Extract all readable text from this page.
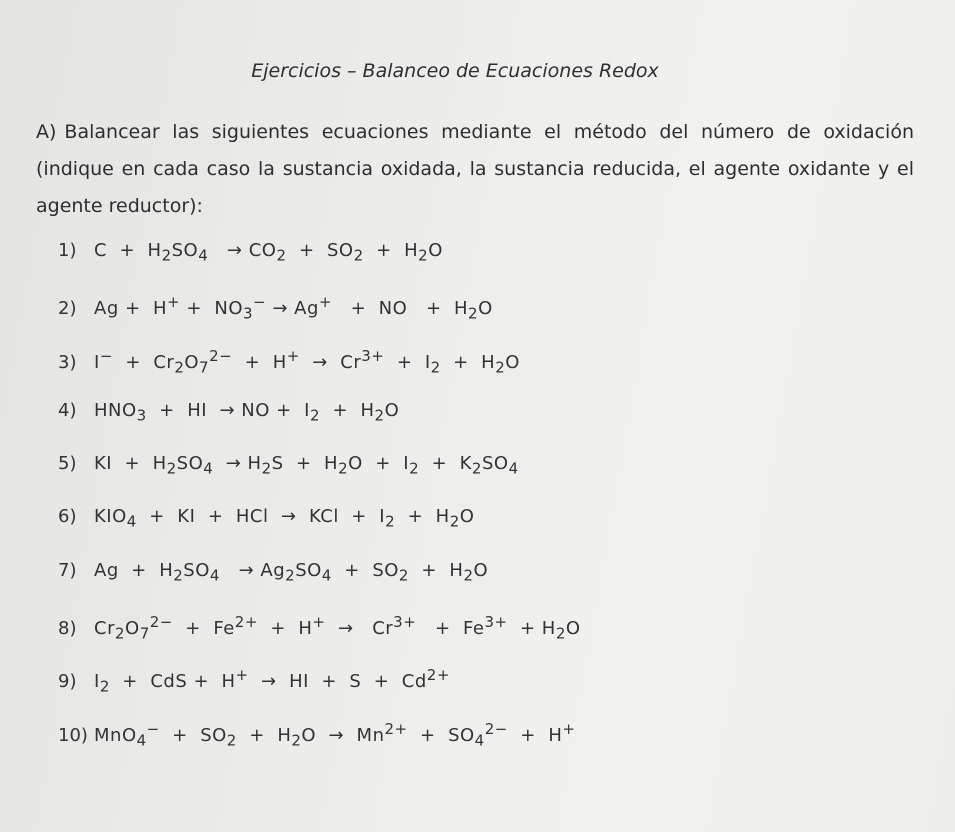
Ejercicios – Balanceo de Ecuaciones Redox
A) Balancear las siguientes ecuaciones mediante el método del número de oxidación (indique en cada caso la sustancia oxidada, la sustancia reducida, el agente oxidante y el agente reductor):
1) $C + H_2SO_4 \to CO_2 + SO_2 + H_2O$
2) $Ag + H^+ + NO_3^- \to Ag^+$   +  NO   +  $H_2O$
3) $I^- + Cr_2O_7^{2-} + H^+ \to Cr^{3+} + I_2 + H_2O$
4) $HNO_3$  +  HI  → NO +  $I_2 + H_2O$
5) KI  +  $H_2SO_4 \to H_2S + H_2O + I_2 + K_2SO_4$
6) $KIO_4$  +  KI  +  HCl  →  KCl  +  $I_2 + H_2O$
7) $Ag + H_2SO_4 \to Ag_2SO_4 + SO_2 + H_2O$
8) $Cr_2O_7^{2-} + Fe^{2+} + H^+ \to Cr^{3+} + Fe^{3+} + H_2O$
9) $I_2$  +  CdS +  H+  →  HI  +  $S + Cd^{2+}$
10) $MnO_4^- + SO_2 + H_2O \to Mn^{2+} + SO_4^{2-} + H^+$
